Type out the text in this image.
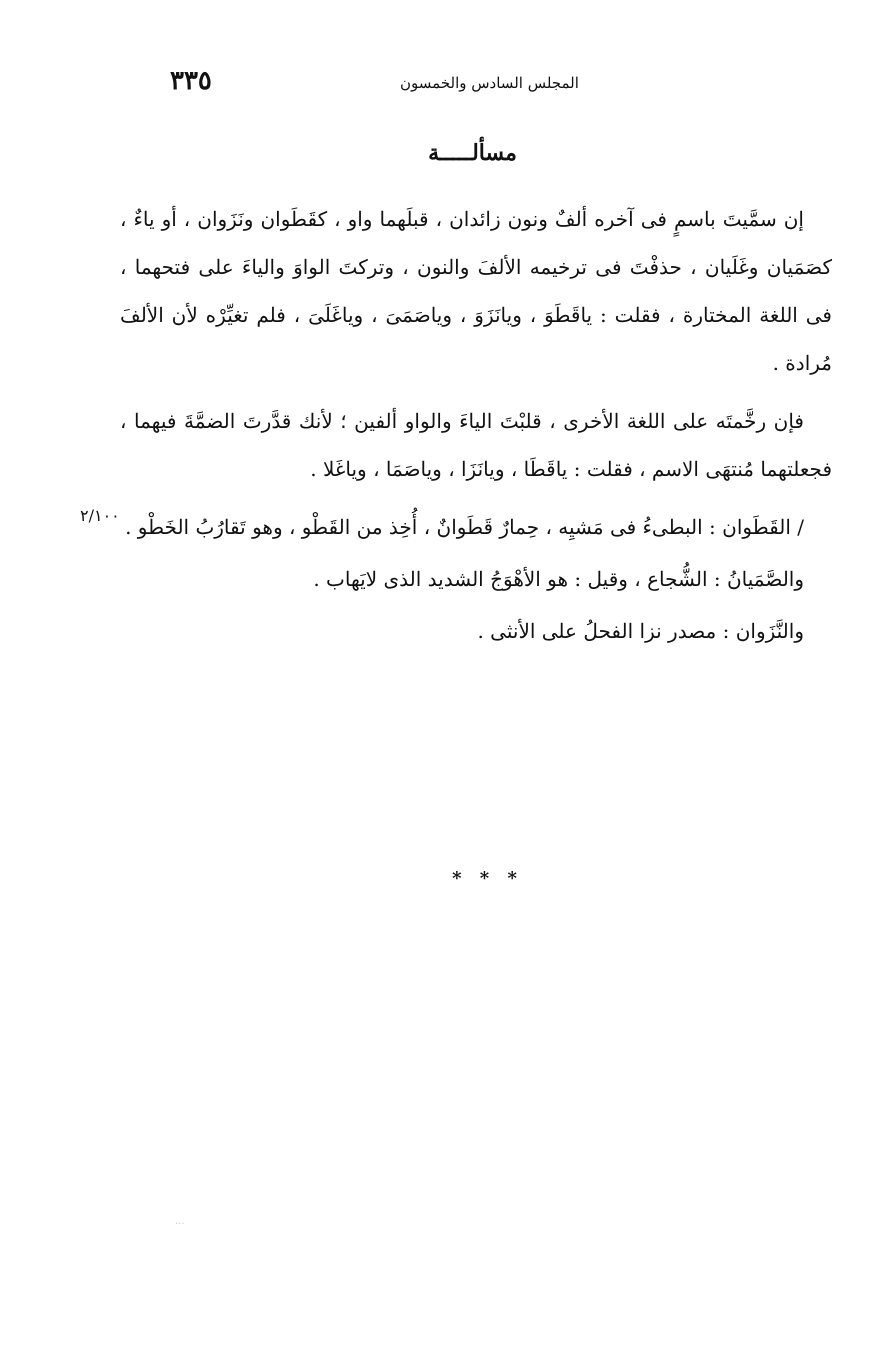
٣٣٥	المجلس السادس والخمسون
مسألـــــة

إن سمَّيتَ باسمٍ فى آخره ألفٌ ونون زائدان ، قبلَهما واو ، كقَطَوان ونَزَوان ، أو ياءٌ ، كصَمَيان وغَلَيان ، حذفْتَ فى ترخيمه الألفَ والنون ، وتركتَ الواوَ والياءَ على فتحهما ، فى اللغة المختارة ، فقلت : ياقَطَوَ ، ويانَزَوَ ، وياصَمَىَ ، وياغَلَىَ ، فلم تغيِّرْه لأن الألفَ مُرادة .

فإن رخَّمتَه على اللغة الأخرى ، قلبْتَ الياءَ والواو ألفين ؛ لأنك قدَّرتَ الضمَّةَ فيهما ، فجعلتهما مُنتهَى الاسم ، فقلت : ياقَطَا ، ويانَزَا ، وياصَمَا ، وياغَلا .

/ القَطَوان : البطىءُ فى مَشيِه ، حِمارٌ قَطَوانٌ ، أُخِذ من القَطْو ، وهو تَقارُبُ الخَطْو .

والصَّمَيانُ : الشُّجاع ، وقيل : هو الأهْوَجُ الشديد الذى لايَهاب .

والنَّزَوان : مصدر نزا الفحلُ على الأنثى .

٢/١٠٠
* * *
...
